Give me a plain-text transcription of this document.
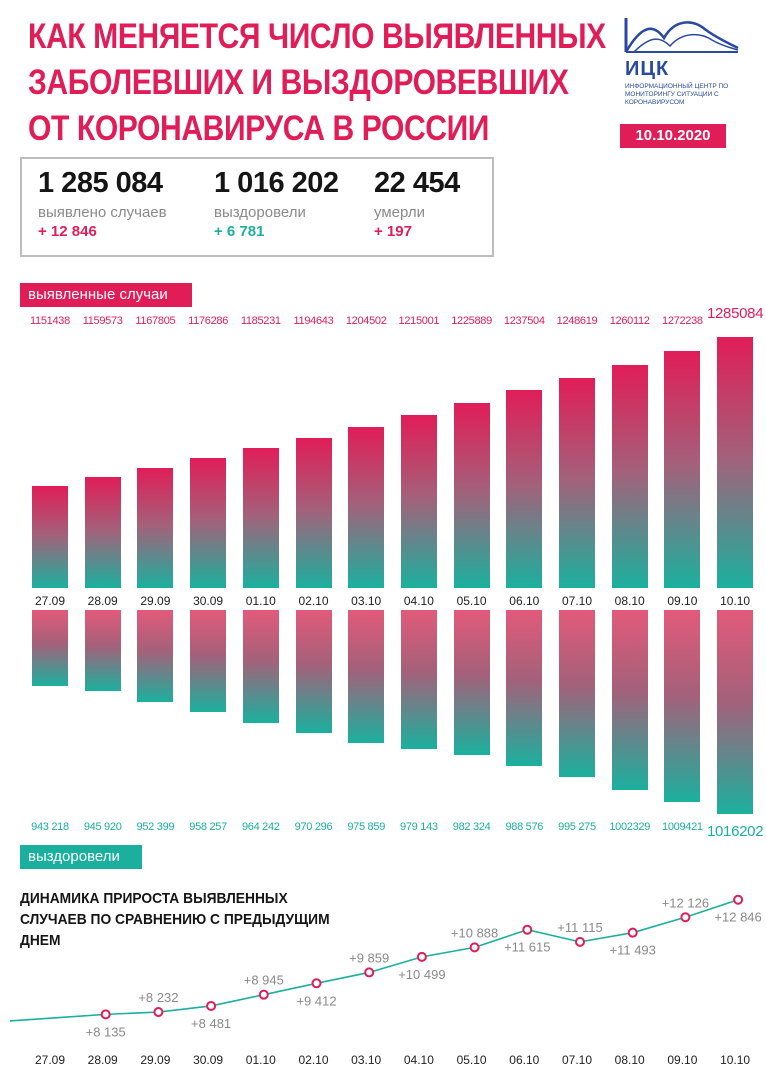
КАК МЕНЯЕТСЯ ЧИСЛО ВЫЯВЛЕННЫХ
ЗАБОЛЕВШИХ И ВЫЗДОРОВЕВШИХ
ОТ КОРОНАВИРУСА В РОССИИ
ИЦК
ИНФОРМАЦИОННЫЙ ЦЕНТР ПО МОНИТОРИНГУ СИТУАЦИИ С КОРОНАВИРУСОМ
10.10.2020
1 285 084
выявлено случаев
+ 12 846
1 016 202
выздоровели
+ 6 781
22 454
умерли
+ 197
выявленные случаи
1151438
27.09
1159573
28.09
1167805
29.09
1176286
30.09
1185231
01.10
1194643
02.10
1204502
03.10
1215001
04.10
1225889
05.10
1237504
06.10
1248619
07.10
1260112
08.10
1272238
09.10
1285084
10.10
943 218	945 920	952 399	958 257	964 242	970 296	975 859	979 143	982 324	988 576	995 275	1002329	1009421 1016202
выздоровели
ДИНАМИКА ПРИРОСТА ВЫЯВЛЕННЫХ СЛУЧАЕВ ПО СРАВНЕНИЮ С ПРЕДЫДУЩИМ ДНЕМ
27.09
+8 135
28.09
+8 232
29.09
+8 481
30.09
+8 945
01.10
+9 412
02.10
+9 859
03.10
+10 499
04.10
+10 888
05.10
+11 615
06.10
+11 115
07.10
+11 493
08.10
+12 126
09.10
+12 846
10.10
